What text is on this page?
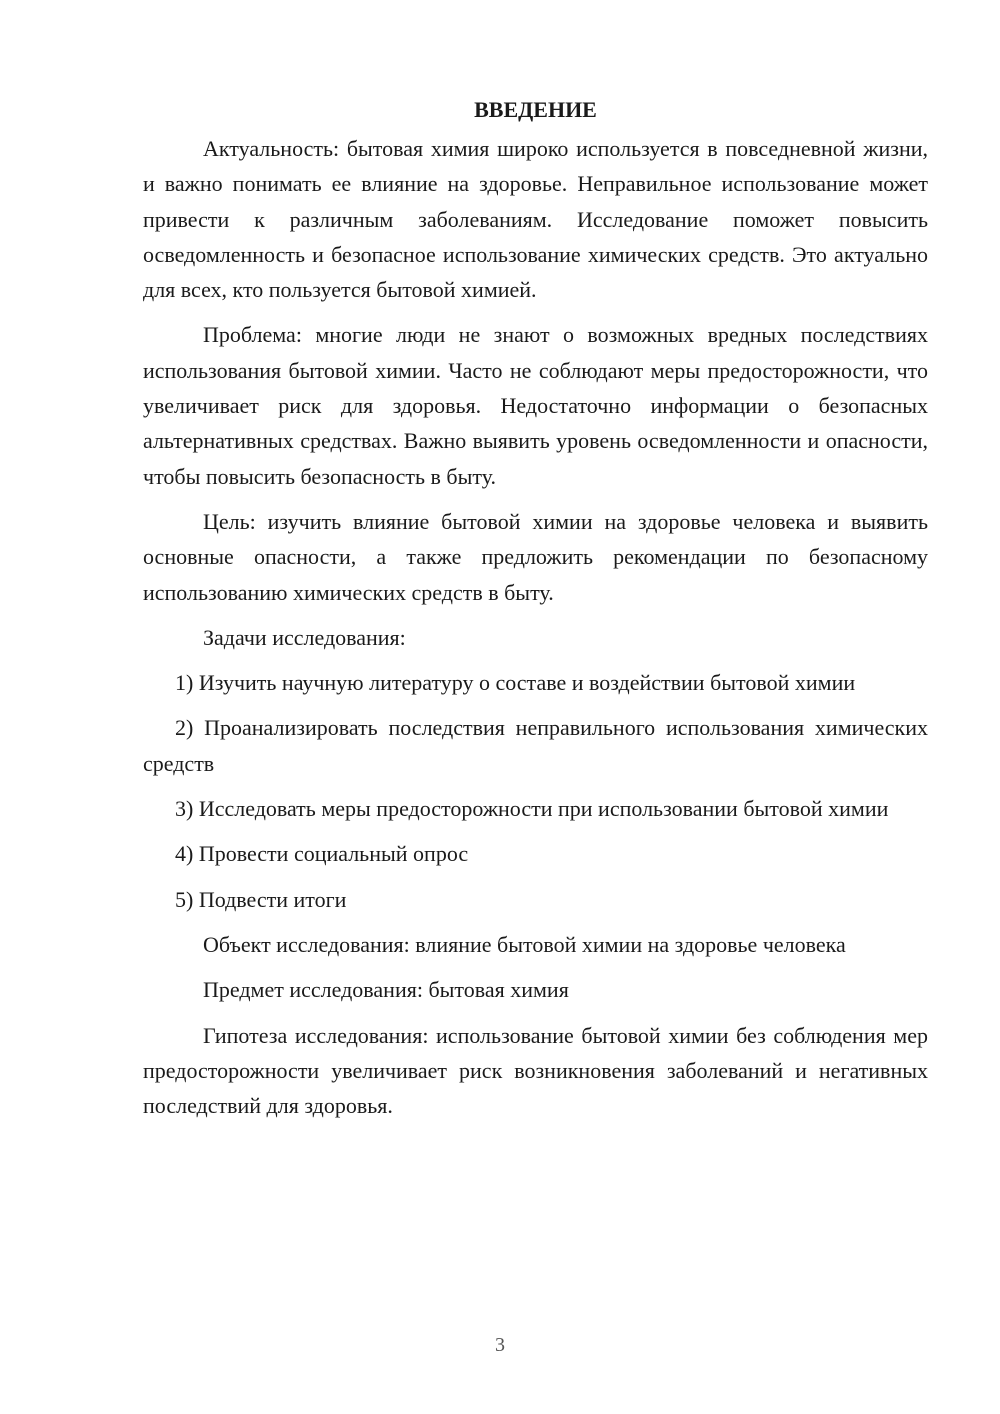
ВВЕДЕНИЕ

Актуальность: бытовая химия широко используется в повседневной жизни, и важно понимать ее влияние на здоровье. Неправильное использование может привести к различным заболеваниям. Исследование поможет повысить осведомленность и безопасное использование химических средств. Это актуально для всех, кто пользуется бытовой химией.

Проблема: многие люди не знают о возможных вредных последствиях использования бытовой химии. Часто не соблюдают меры предосторожности, что увеличивает риск для здоровья. Недостаточно информации о безопасных альтернативных средствах. Важно выявить уровень осведомленности и опасности, чтобы повысить безопасность в быту.

Цель: изучить влияние бытовой химии на здоровье человека и выявить основные опасности, а также предложить рекомендации по безопасному использованию химических средств в быту.

Задачи исследования:

1) Изучить научную литературу о составе и воздействии бытовой химии

2) Проанализировать последствия неправильного использования химических средств

3) Исследовать меры предосторожности при использовании бытовой химии

4) Провести социальный опрос

5) Подвести итоги

Объект исследования: влияние бытовой химии на здоровье человека

Предмет исследования: бытовая химия

Гипотеза исследования: использование бытовой химии без соблюдения мер предосторожности увеличивает риск возникновения заболеваний и негативных последствий для здоровья.

3
